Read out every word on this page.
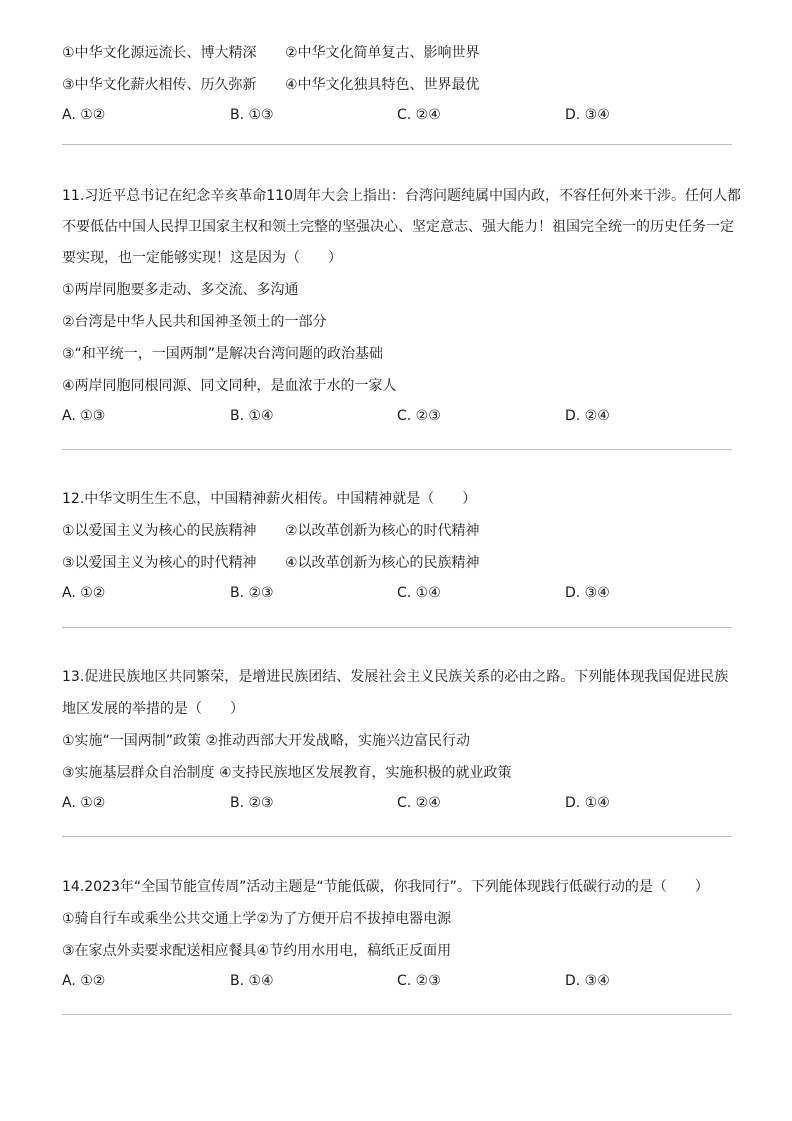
①中华文化源远流长、博大精深 ②中华文化简单复古、影响世界
③中华文化薪火相传、历久弥新 ④中华文化独具特色、世界最优
A. ①②	B. ①③	C. ②④	D. ③④
11.习近平总书记在纪念辛亥革命110周年大会上指出：台湾问题纯属中国内政，不容任何外来干涉。任何人都
不要低估中国人民捍卫国家主权和领土完整的坚强决心、坚定意志、强大能力！祖国完全统一的历史任务一定
要实现，也一定能够实现！这是因为（　　）
①两岸同胞要多走动、多交流、多沟通
②台湾是中华人民共和国神圣领土的一部分
③“和平统一，一国两制”是解决台湾问题的政治基础
④两岸同胞同根同源、同文同种，是血浓于水的一家人
A. ①③	B. ①④	C. ②③	D. ②④
12.中华文明生生不息，中国精神薪火相传。中国精神就是（　　）
①以爱国主义为核心的民族精神 ②以改革创新为核心的时代精神
③以爱国主义为核心的时代精神 ④以改革创新为核心的民族精神
A. ①②	B. ②③	C. ①④	D. ③④
13.促进民族地区共同繁荣，是增进民族团结、发展社会主义民族关系的必由之路。下列能体现我国促进民族
地区发展的举措的是（　　）
①实施“一国两制”政策 ②推动西部大开发战略，实施兴边富民行动
③实施基层群众自治制度 ④支持民族地区发展教育，实施积极的就业政策
A. ①②	B. ②③	C. ②④	D. ①④
14.2023年“全国节能宣传周”活动主题是“节能低碳，你我同行”。下列能体现践行低碳行动的是（　　）
①骑自行车或乘坐公共交通上学②为了方便开启不拔掉电器电源
③在家点外卖要求配送相应餐具④节约用水用电，稿纸正反面用
A. ①②	B. ①④	C. ②③	D. ③④
